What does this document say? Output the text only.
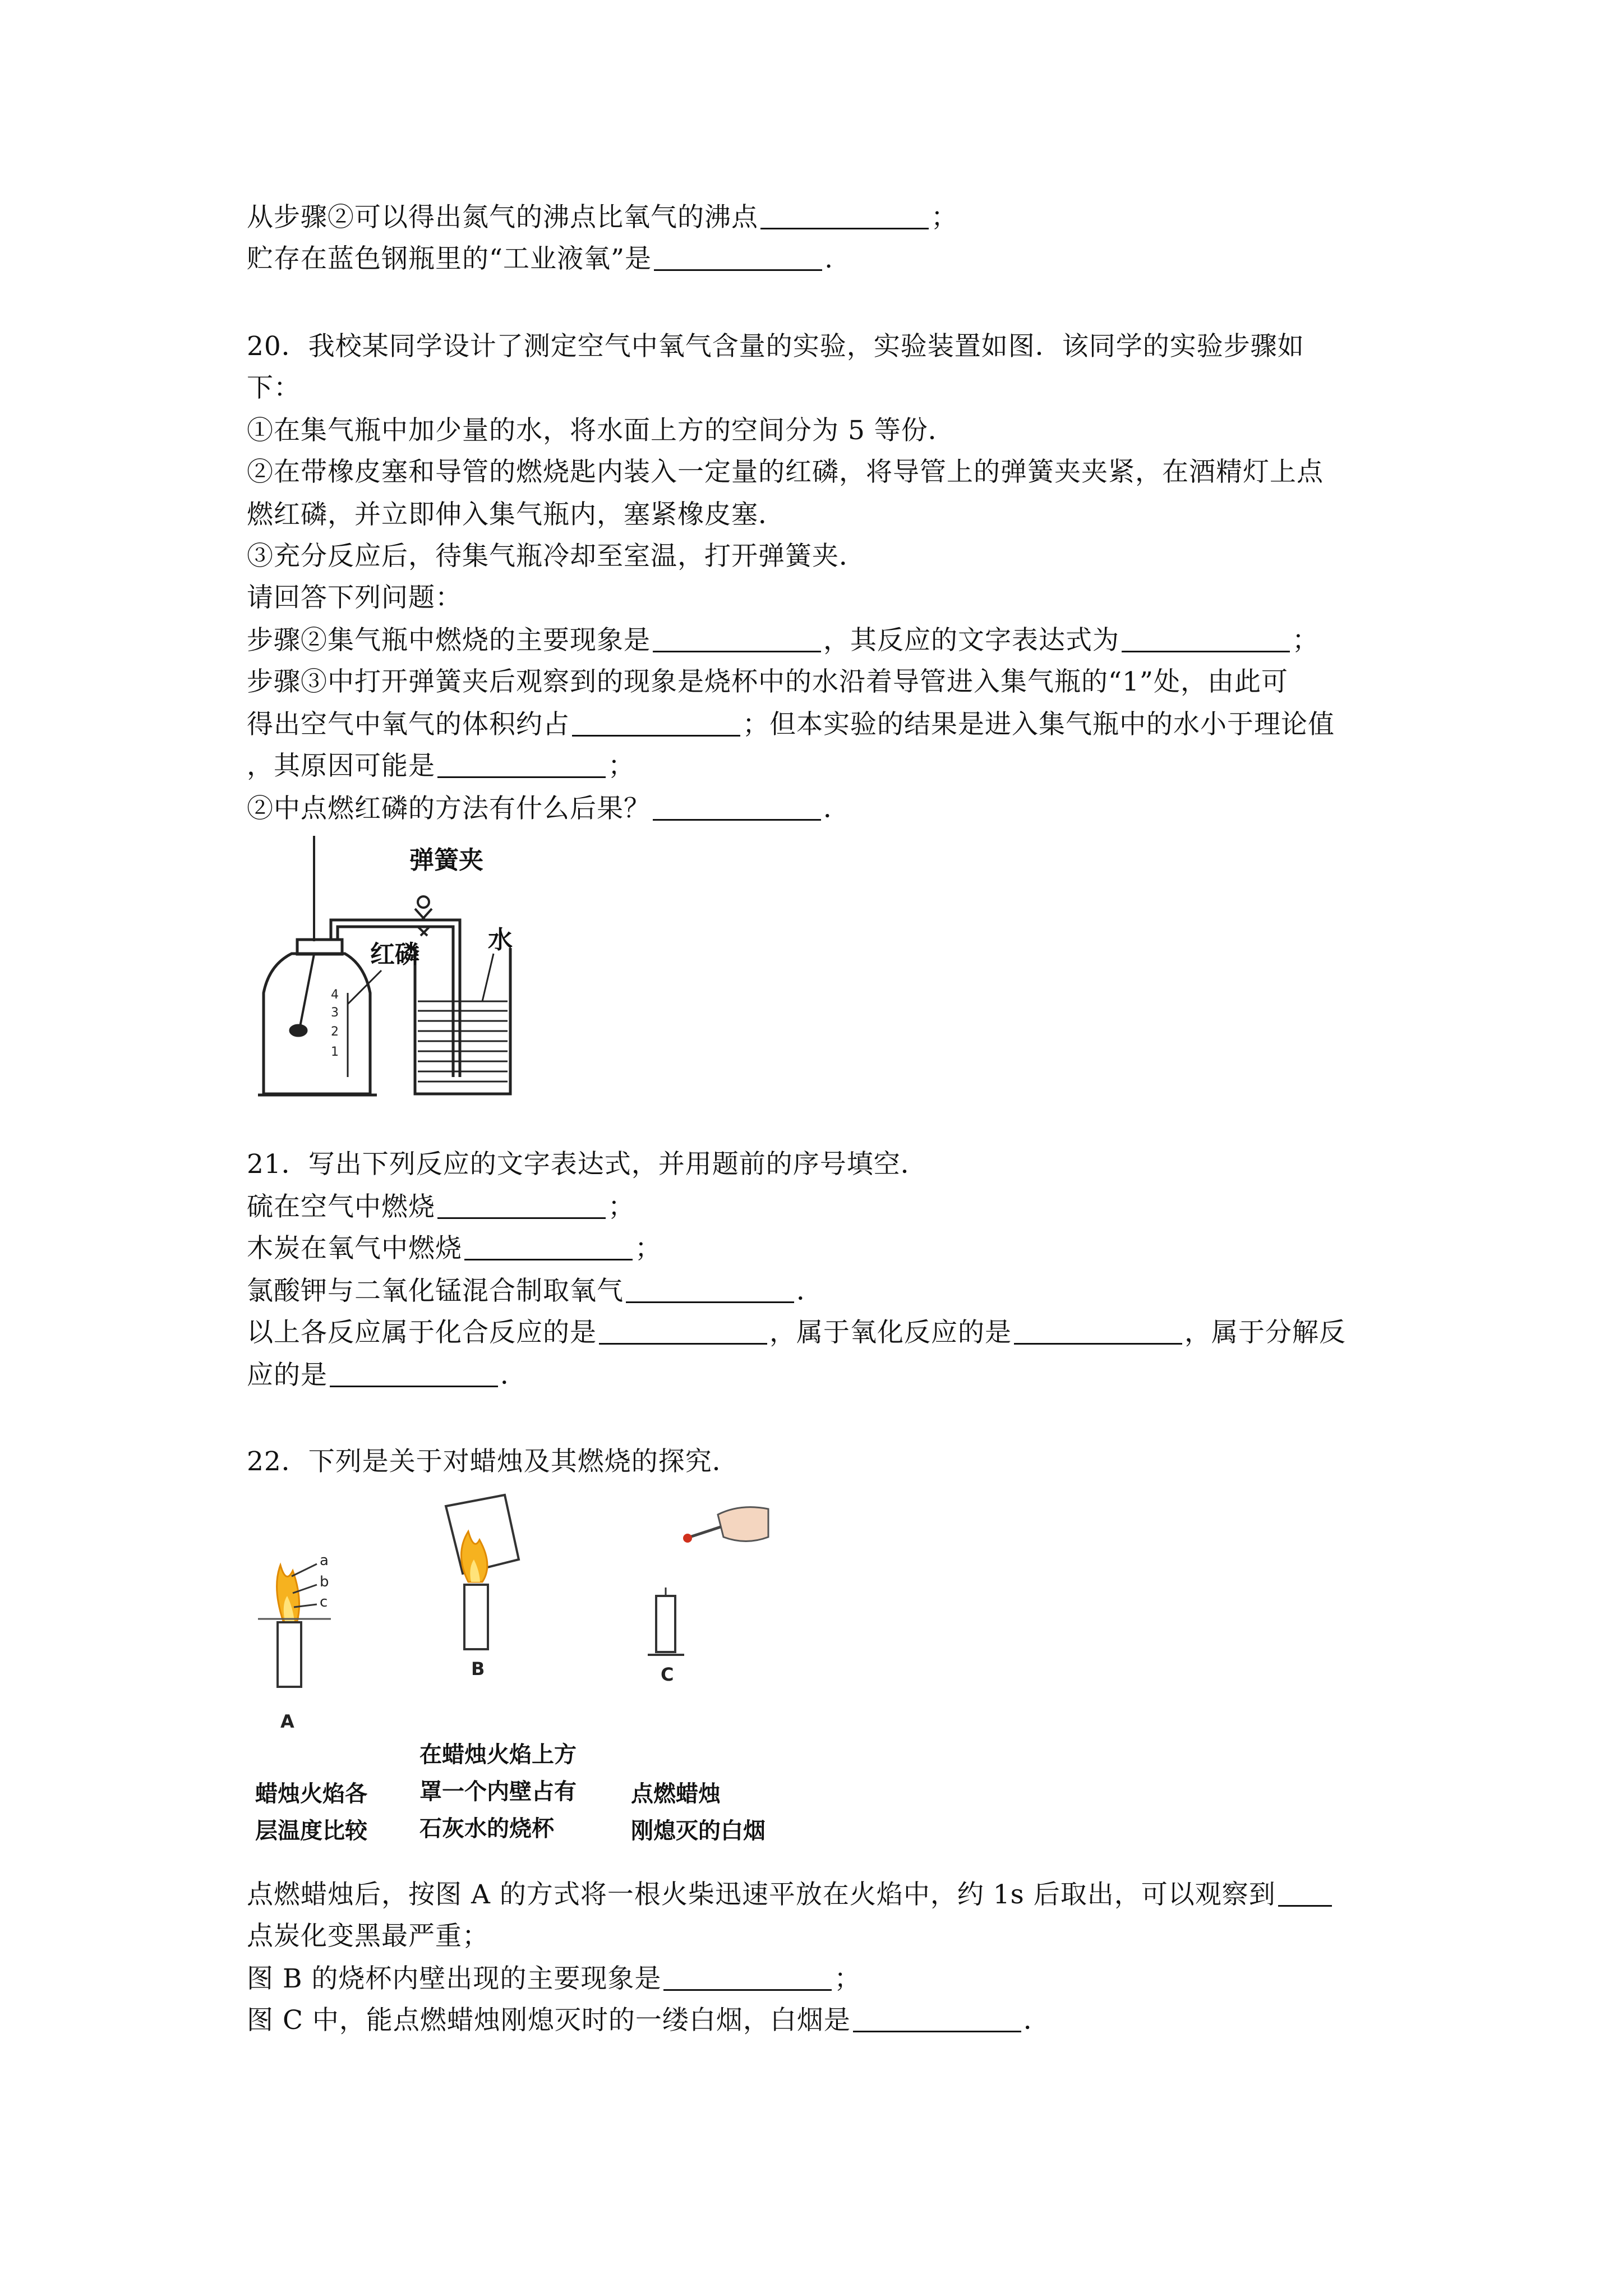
从步骤②可以得出氮气的沸点比氧气的沸点	；
贮存在蓝色钢瓶里的“工业液氧”是	.
20．我校某同学设计了测定空气中氧气含量的实验，实验装置如图．该同学的实验步骤如
下：
①在集气瓶中加少量的水，将水面上方的空间分为 5 等份．
②在带橡皮塞和导管的燃烧匙内装入一定量的红磷，将导管上的弹簧夹夹紧，在酒精灯上点
燃红磷，并立即伸入集气瓶内，塞紧橡皮塞．
③充分反应后，待集气瓶冷却至室温，打开弹簧夹．
请回答下列问题：
步骤②集气瓶中燃烧的主要现象是	，其反应的文字表达式为	；
步骤③中打开弹簧夹后观察到的现象是烧杯中的水沿着导管进入集气瓶的“1”处，由此可
得出空气中氧气的体积约占	；但本实验的结果是进入集气瓶中的水小于理论值
，其原因可能是	；
②中点燃红磷的方法有什么后果？	．
4
3
2
1
弹簧夹
红磷
水
21．写出下列反应的文字表达式，并用题前的序号填空．
硫在空气中燃烧	；
木炭在氧气中燃烧	；
氯酸钾与二氧化锰混合制取氧气	．
以上各反应属于化合反应的是	，属于氧化反应的是	，属于分解反
应的是	．
22．下列是关于对蜡烛及其燃烧的探究．
a
b
c
A
B	C
蜡烛火焰各
层温度比较
在蜡烛火焰上方
罩一个内壁占有
石灰水的烧杯
点燃蜡烛
刚熄灭的白烟
点燃蜡烛后，按图 A 的方式将一根火柴迅速平放在火焰中，约 1s 后取出，可以观察到
点炭化变黑最严重；
图 B 的烧杯内壁出现的主要现象是	；
图 C 中，能点燃蜡烛刚熄灭时的一缕白烟，白烟是	．
